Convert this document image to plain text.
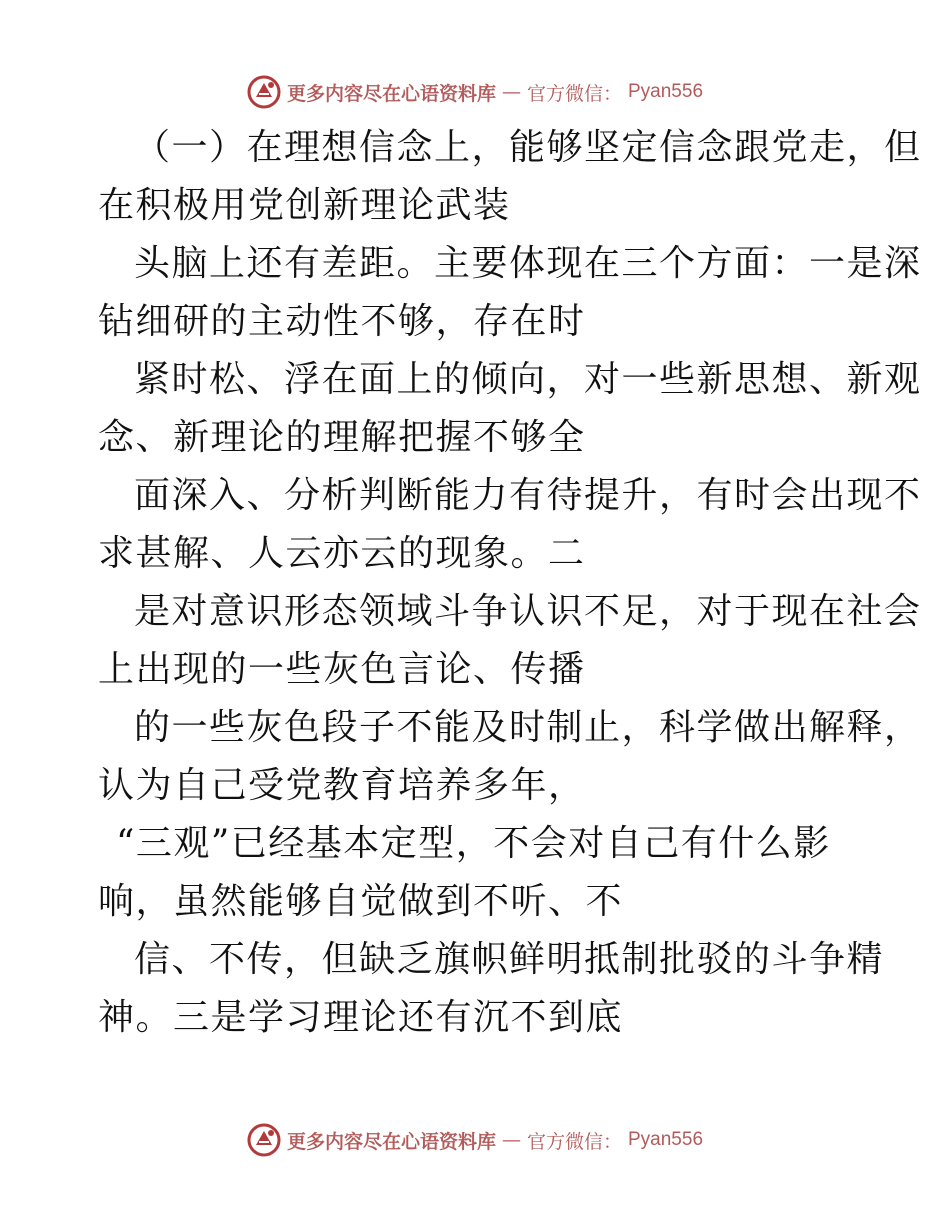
更多内容尽在心语资料库 — 官方微信： Pyan556
（一）在理想信念上，能够坚定信念跟党走，但
在积极用党创新理论武装
头脑上还有差距。主要体现在三个方面：一是深
钻细研的主动性不够，存在时
紧时松、浮在面上的倾向，对一些新思想、新观
念、新理论的理解把握不够全
面深入、分析判断能力有待提升，有时会出现不
求甚解、人云亦云的现象。二
是对意识形态领域斗争认识不足，对于现在社会
上出现的一些灰色言论、传播
的一些灰色段子不能及时制止，科学做出解释，
认为自己受党教育培养多年，
“三观”已经基本定型，不会对自己有什么影
响，虽然能够自觉做到不听、不
信、不传，但缺乏旗帜鲜明抵制批驳的斗争精
神。三是学习理论还有沉不到底
更多内容尽在心语资料库 — 官方微信： Pyan556
